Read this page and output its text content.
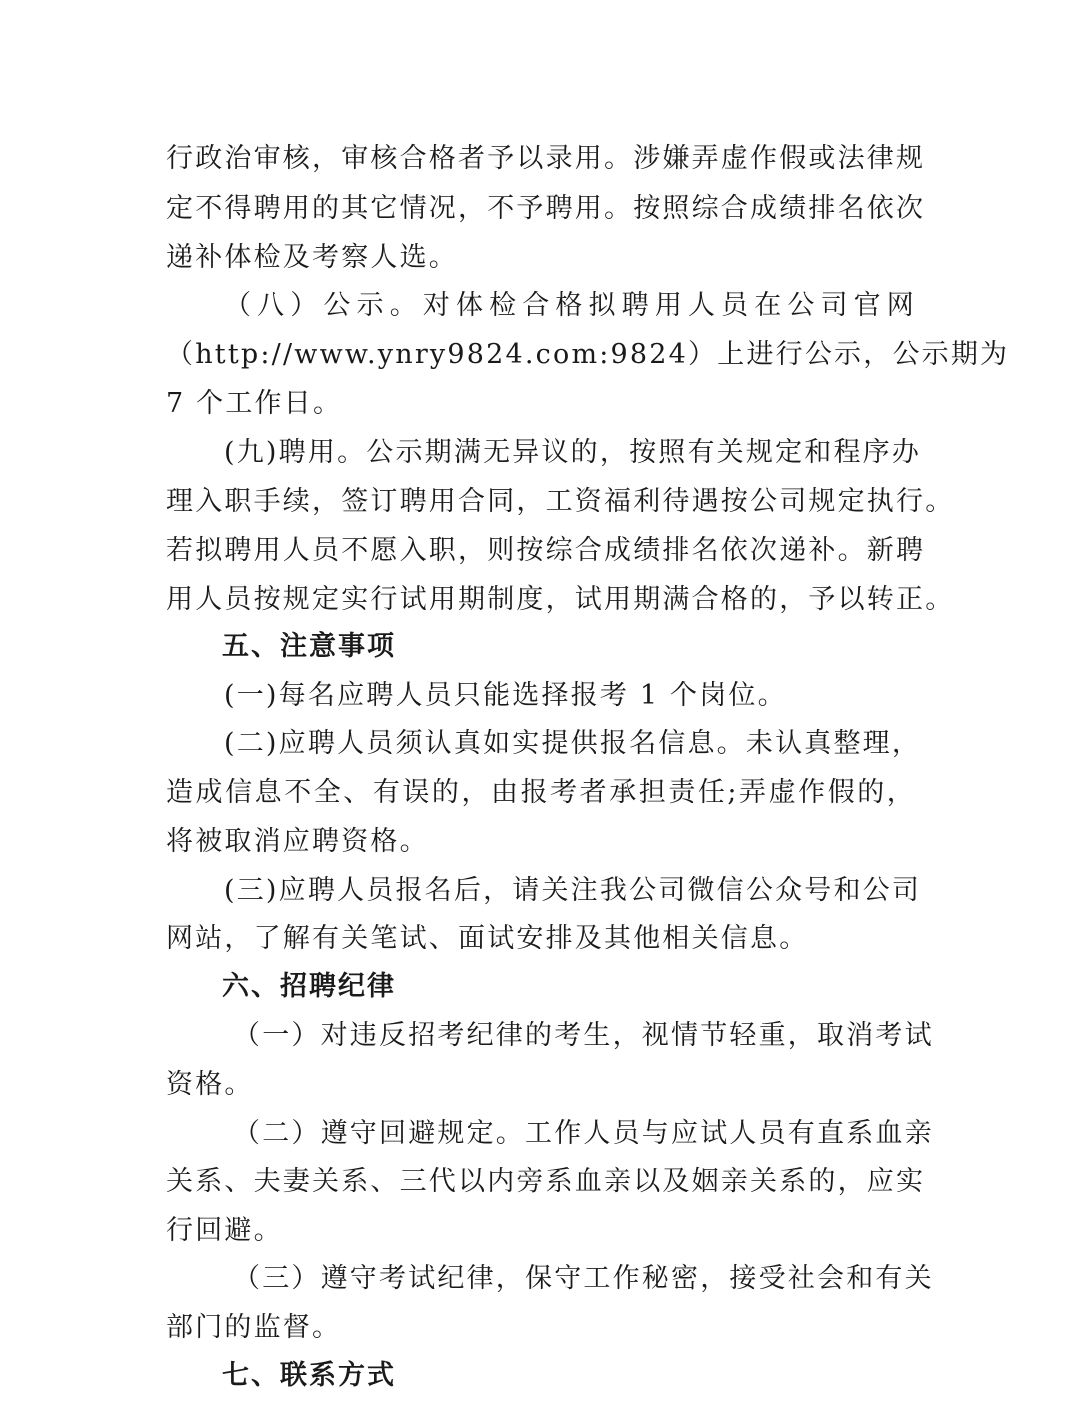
行政治审核，审核合格者予以录用。涉嫌弄虚作假或法律规
定不得聘用的其它情况，不予聘用。按照综合成绩排名依次
递补体检及考察人选。
（八）公示。对体检合格拟聘用人员在公司官网
（http://www.ynry9824.com:9824）上进行公示，公示期为
7 个工作日。
(九)聘用。公示期满无异议的，按照有关规定和程序办
理入职手续，签订聘用合同，工资福利待遇按公司规定执行。
若拟聘用人员不愿入职，则按综合成绩排名依次递补。新聘
用人员按规定实行试用期制度，试用期满合格的，予以转正。
五、注意事项
(一)每名应聘人员只能选择报考 1 个岗位。
(二)应聘人员须认真如实提供报名信息。未认真整理，
造成信息不全、有误的，由报考者承担责任;弄虚作假的，
将被取消应聘资格。
(三)应聘人员报名后，请关注我公司微信公众号和公司
网站，了解有关笔试、面试安排及其他相关信息。
六、招聘纪律
（一）对违反招考纪律的考生，视情节轻重，取消考试
资格。
（二）遵守回避规定。工作人员与应试人员有直系血亲
关系、夫妻关系、三代以内旁系血亲以及姻亲关系的，应实
行回避。
（三）遵守考试纪律，保守工作秘密，接受社会和有关
部门的监督。
七、联系方式
